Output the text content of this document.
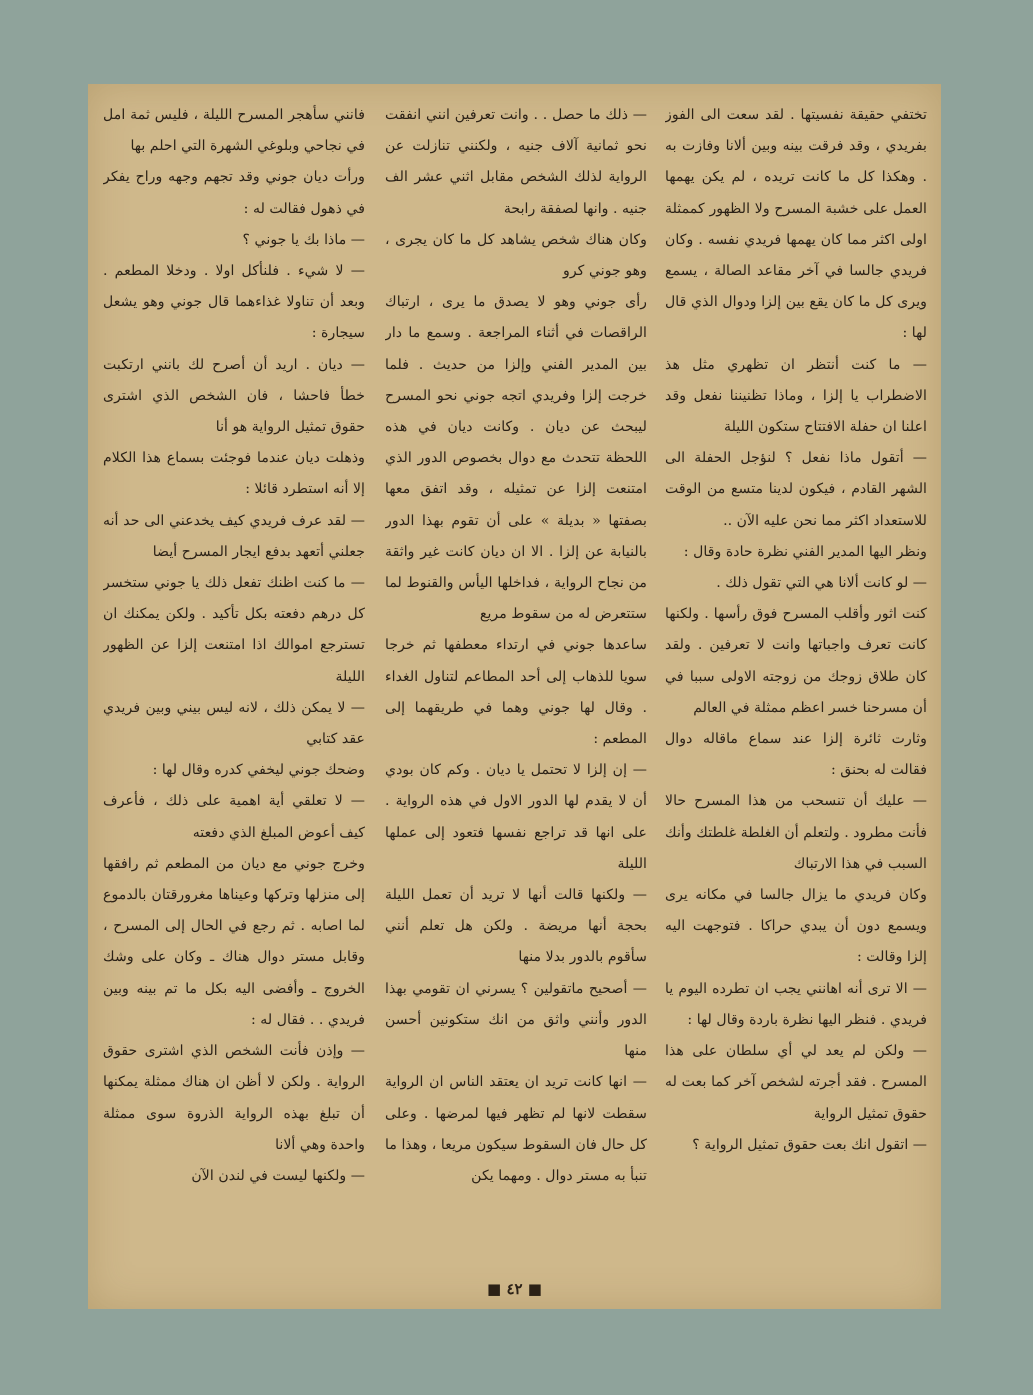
تختفي حقيقة نفسيتها . لقد سعت الى الفوز بفريدي ، وقد فرقت بينه وبين ألانا وفازت به . وهكذا كل ما كانت تريده ، لم يكن يهمها العمل على خشبة المسرح ولا الظهور كممثلة اولى اكثر مما كان يهمها فريدي نفسه . وكان فريدي جالسا في آخر مقاعد الصالة ، يسمع ويرى كل ما كان يقع بين إلزا ودوال الذي قال لها :

— ما كنت أنتظر ان تظهري مثل هذ الاضطراب يا إلزا ، وماذا تظنيننا نفعل وقد اعلنا ان حفلة الافتتاح ستكون الليلة

— أتقول ماذا نفعل ؟ لنؤجل الحفلة الى الشهر القادم ، فيكون لدينا متسع من الوقت للاستعداد اكثر مما نحن عليه الآن ..

ونظر اليها المدير الفني نظرة حادة وقال :

— لو كانت ألانا هي التي تقول ذلك .

كنت اثور وأقلب المسرح فوق رأسها . ولكنها كانت تعرف واجباتها وانت لا تعرفين . ولقد كان طلاق زوجك من زوجته الاولى سببا في أن مسرحنا خسر اعظم ممثلة في العالم

وثارت ثائرة إلزا عند سماع ماقاله دوال فقالت له بحنق :

— عليك أن تنسحب من هذا المسرح حالا فأنت مطرود . ولتعلم أن الغلطة غلطتك وأنك السبب في هذا الارتباك

وكان فريدي ما يزال جالسا في مكانه يرى ويسمع دون أن يبدي حراكا . فتوجهت اليه إلزا وقالت :

— الا ترى أنه اهانني يجب ان تطرده اليوم يا فريدي . فنظر اليها نظرة باردة وقال لها :

— ولكن لم يعد لي أي سلطان على هذا المسرح . فقد أجرته لشخص آخر كما بعت له حقوق تمثيل الرواية

— اتقول انك بعت حقوق تمثيل الرواية ؟

— ذلك ما حصل . . وانت تعرفين انني انفقت نحو ثمانية آلاف جنيه ، ولكنني تنازلت عن الرواية لذلك الشخص مقابل اثني عشر الف جنيه . وانها لصفقة رابحة

وكان هناك شخص يشاهد كل ما كان يجرى ، وهو جوني كرو

رأى جوني وهو لا يصدق ما يرى ، ارتباك الراقصات في أثناء المراجعة . وسمع ما دار بين المدير الفني وإلزا من حديث . فلما خرجت إلزا وفريدي اتجه جوني نحو المسرح ليبحث عن ديان . وكانت ديان في هذه اللحظة تتحدث مع دوال بخصوص الدور الذي امتنعت إلزا عن تمثيله ، وقد اتفق معها بصفتها « بديلة » على أن تقوم بهذا الدور بالنيابة عن إلزا . الا ان ديان كانت غير واثقة من نجاح الرواية ، فداخلها اليأس والقنوط لما ستتعرض له من سقوط مريع

ساعدها جوني في ارتداء معطفها ثم خرجا سويا للذهاب إلى أحد المطاعم لتناول الغداء . وقال لها جوني وهما في طريقهما إلى المطعم :

— إن إلزا لا تحتمل يا ديان . وكم كان بودي أن لا يقدم لها الدور الاول في هذه الرواية . على انها قد تراجع نفسها فتعود إلى عملها الليلة

— ولكنها قالت أنها لا تريد أن تعمل الليلة بحجة أنها مريضة . ولكن هل تعلم أنني سأقوم بالدور بدلا منها

— أصحيح ماتقولين ؟ يسرني ان تقومي بهذا الدور وأنني واثق من انك ستكونين أحسن منها

— انها كانت تريد ان يعتقد الناس ان الرواية سقطت لانها لم تظهر فيها لمرضها . وعلى كل حال فان السقوط سيكون مريعا ، وهذا ما تنبأ به مستر دوال . ومهما يكن

فانني سأهجر المسرح الليلة ، فليس ثمة امل في نجاحي وبلوغي الشهرة التي احلم بها

ورأت ديان جوني وقد تجهم وجهه وراح يفكر في ذهول فقالت له :

— ماذا بك يا جوني ؟

— لا شيء . فلنأكل اولا . ودخلا المطعم . وبعد أن تناولا غذاءهما قال جوني وهو يشعل سيجارة :

— ديان . اريد أن أصرح لك بانني ارتكبت خطأ فاحشا ، فان الشخص الذي اشترى حقوق تمثيل الرواية هو أنا

وذهلت ديان عندما فوجئت بسماع هذا الكلام إلا أنه استطرد قائلا :

— لقد عرف فريدي كيف يخدعني الى حد أنه جعلني أتعهد بدفع ايجار المسرح أيضا

— ما كنت اظنك تفعل ذلك يا جوني ستخسر كل درهم دفعته بكل تأكيد . ولكن يمكنك ان تسترجع اموالك اذا امتنعت إلزا عن الظهور الليلة

— لا يمكن ذلك ، لانه ليس بيني وبين فريدي عقد كتابي

وضحك جوني ليخفي كدره وقال لها :

— لا تعلقي أية اهمية على ذلك ، فأعرف كيف أعوض المبلغ الذي دفعته

وخرج جوني مع ديان من المطعم ثم رافقها إلى منزلها وتركها وعيناها مغرورقتان بالدموع لما اصابه . ثم رجع في الحال إلى المسرح ، وقابل مستر دوال هناك ـ وكان على وشك الخروج ـ وأفضى اليه بكل ما تم بينه وبين فريدي . . فقال له :

— وإذن فأنت الشخص الذي اشترى حقوق الرواية . ولكن لا أظن ان هناك ممثلة يمكنها أن تبلغ بهذه الرواية الذروة سوى ممثلة واحدة وهي ألانا

— ولكنها ليست في لندن الآن

■ ٤٢ ■
